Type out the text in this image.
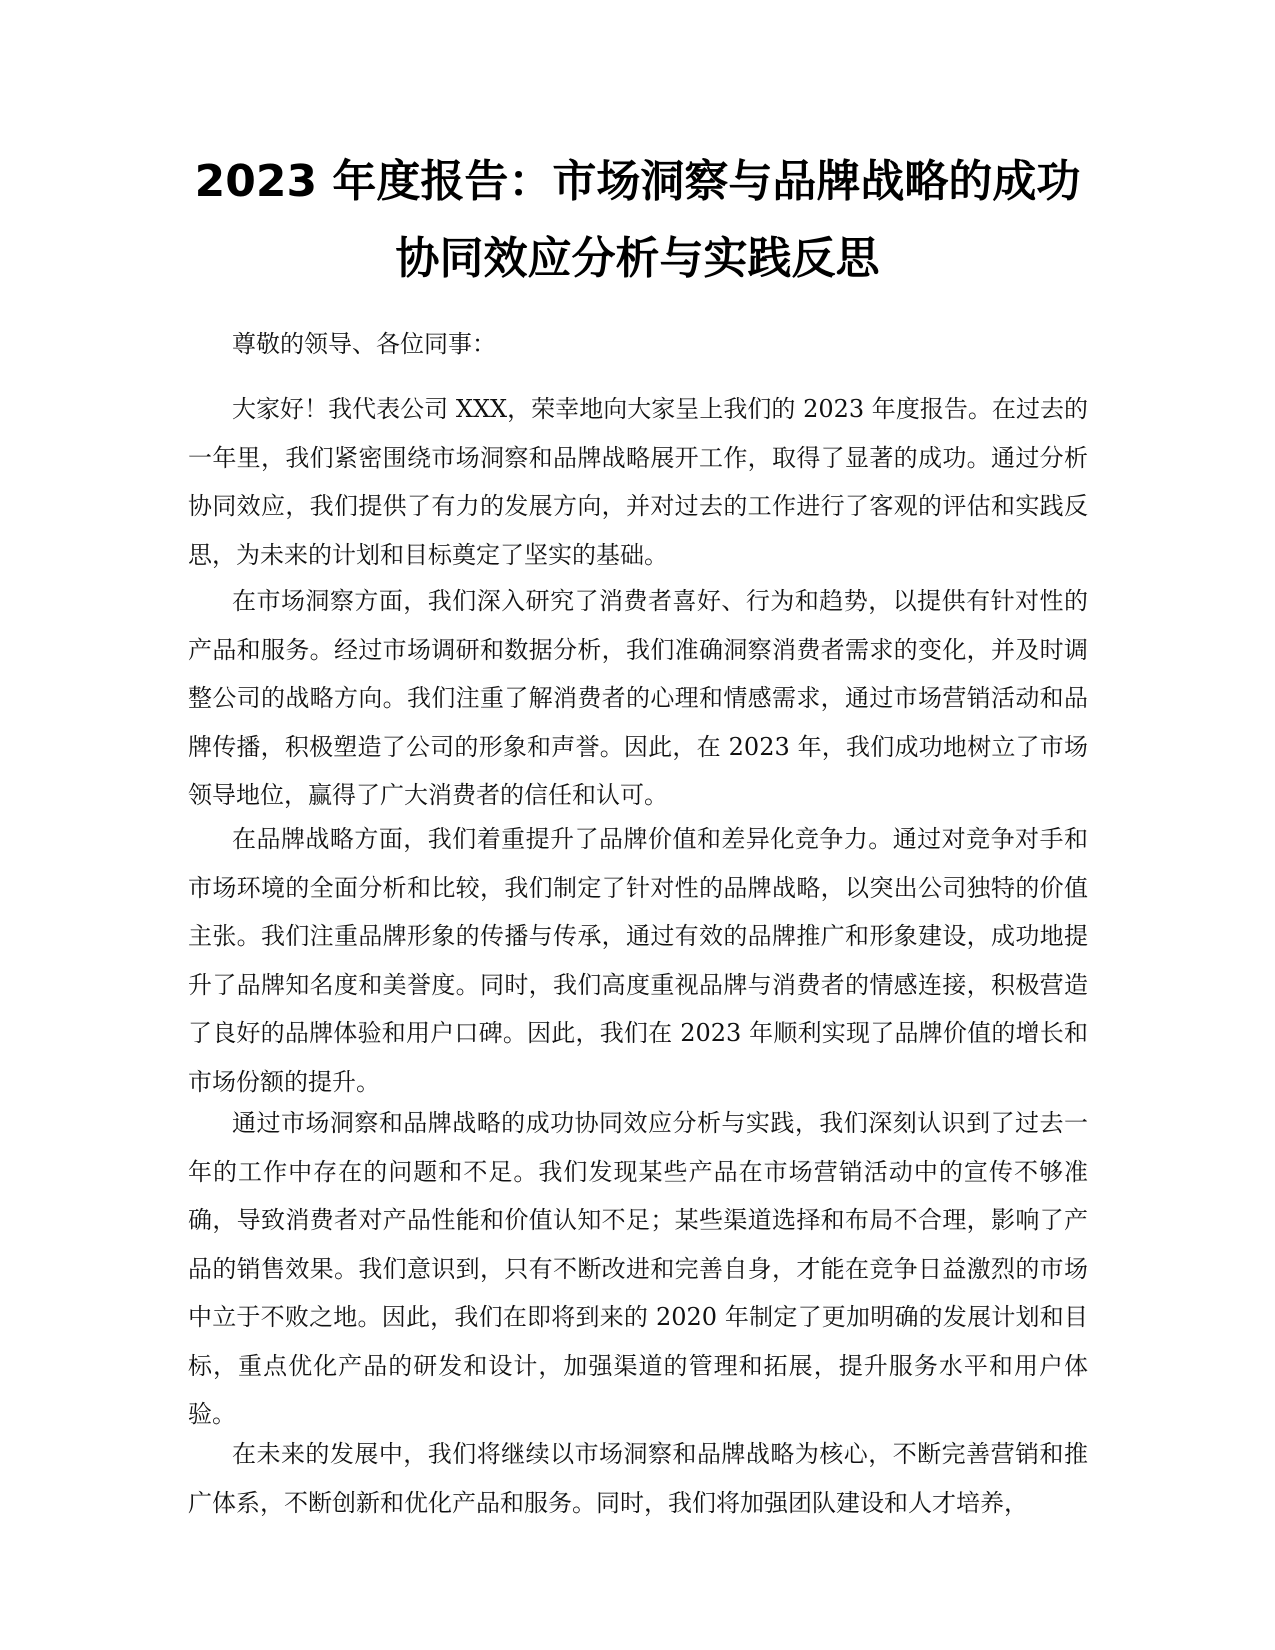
2023 年度报告：市场洞察与品牌战略的成功
协同效应分析与实践反思
尊敬的领导、各位同事：

大家好！我代表公司 XXX，荣幸地向大家呈上我们的 2023 年度报告。在过去的一年里，我们紧密围绕市场洞察和品牌战略展开工作，取得了显著的成功。通过分析协同效应，我们提供了有力的发展方向，并对过去的工作进行了客观的评估和实践反思，为未来的计划和目标奠定了坚实的基础。

在市场洞察方面，我们深入研究了消费者喜好、行为和趋势，以提供有针对性的产品和服务。经过市场调研和数据分析，我们准确洞察消费者需求的变化，并及时调整公司的战略方向。我们注重了解消费者的心理和情感需求，通过市场营销活动和品牌传播，积极塑造了公司的形象和声誉。因此，在 2023 年，我们成功地树立了市场领导地位，赢得了广大消费者的信任和认可。

在品牌战略方面，我们着重提升了品牌价值和差异化竞争力。通过对竞争对手和市场环境的全面分析和比较，我们制定了针对性的品牌战略，以突出公司独特的价值主张。我们注重品牌形象的传播与传承，通过有效的品牌推广和形象建设，成功地提升了品牌知名度和美誉度。同时，我们高度重视品牌与消费者的情感连接，积极营造了良好的品牌体验和用户口碑。因此，我们在 2023 年顺利实现了品牌价值的增长和市场份额的提升。

通过市场洞察和品牌战略的成功协同效应分析与实践，我们深刻认识到了过去一年的工作中存在的问题和不足。我们发现某些产品在市场营销活动中的宣传不够准确，导致消费者对产品性能和价值认知不足；某些渠道选择和布局不合理，影响了产品的销售效果。我们意识到，只有不断改进和完善自身，才能在竞争日益激烈的市场中立于不败之地。因此，我们在即将到来的 2020 年制定了更加明确的发展计划和目标，重点优化产品的研发和设计，加强渠道的管理和拓展，提升服务水平和用户体验。

在未来的发展中，我们将继续以市场洞察和品牌战略为核心，不断完善营销和推广体系，不断创新和优化产品和服务。同时，我们将加强团队建设和人才培养，
